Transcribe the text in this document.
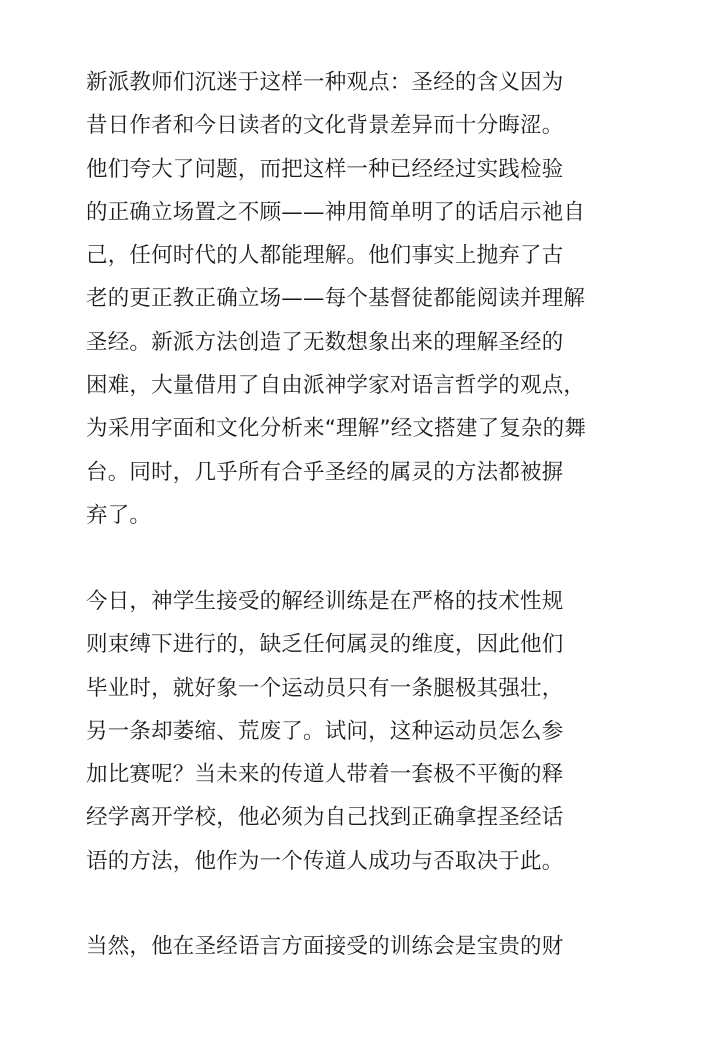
新派教师们沉迷于这样一种观点：圣经的含义因为
昔日作者和今日读者的文化背景差异而十分晦涩。
他们夸大了问题，而把这样一种已经经过实践检验
的正确立场置之不顾——神用简单明了的话启示祂自
己，任何时代的人都能理解。他们事实上抛弃了古
老的更正教正确立场——每个基督徒都能阅读并理解
圣经。新派方法创造了无数想象出来的理解圣经的
困难，大量借用了自由派神学家对语言哲学的观点，
为采用字面和文化分析来“理解”经文搭建了复杂的舞
台。同时，几乎所有合乎圣经的属灵的方法都被摒
弃了。
今日，神学生接受的解经训练是在严格的技术性规
则束缚下进行的，缺乏任何属灵的维度，因此他们
毕业时，就好象一个运动员只有一条腿极其强壮，
另一条却萎缩、荒废了。试问，这种运动员怎么参
加比赛呢？当未来的传道人带着一套极不平衡的释
经学离开学校，他必须为自己找到正确拿捏圣经话
语的方法，他作为一个传道人成功与否取决于此。
当然，他在圣经语言方面接受的训练会是宝贵的财
